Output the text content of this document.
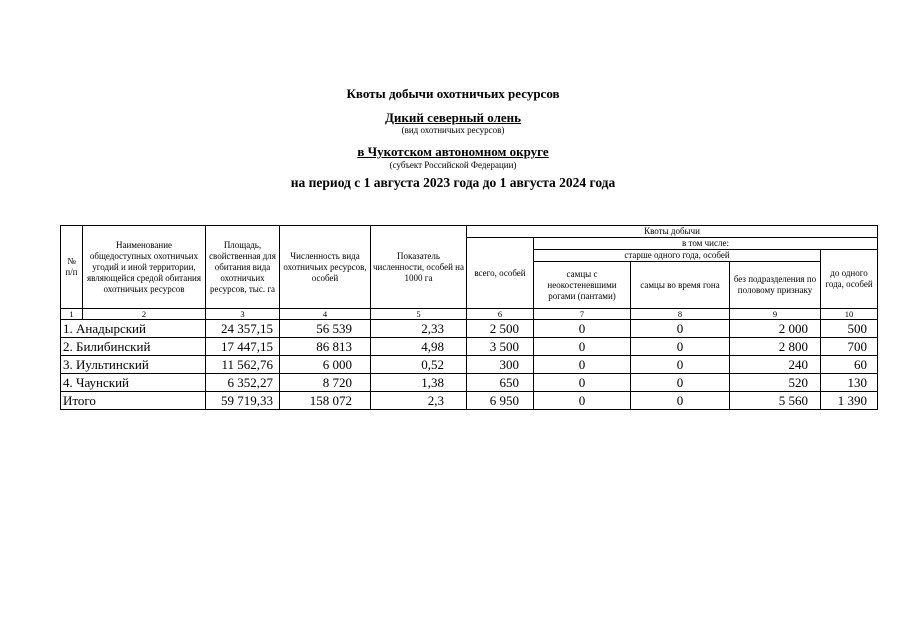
Квоты добычи охотничьих ресурсов
Дикий северный олень
(вид охотничьих ресурсов)
в Чукотском автономном округе
(субъект Российской Федерации)
на период с 1 августа 2023 года до 1 августа 2024 года
№ п/п	Наименование общедоступных охотничьих угодий и иной территории, являющейся средой обитания охотничьих ресурсов	Площадь, свойственная для обитания вида охотничьих ресурсов, тыс. га	Численность вида охотничьих ресурсов, особей	Показатель численности, особей на 1000 га	Квоты добычи				
					всего, особей	в том числе:			
						старше одного года, особей			до одного года, особей
						самцы с неокостеневшими рогами (пантами)	самцы во время гона	без подразделения по половому признаку	
1	2	3	4	5	6	7	8	9	10
1. Анадырский		24 357,15	56 539	2,33	2 500	0	0	2 000	500
2. Билибинский		17 447,15	86 813	4,98	3 500	0	0	2 800	700
3. Иультинский		11 562,76	6 000	0,52	300	0	0	240	60
4. Чаунский		6 352,27	8 720	1,38	650	0	0	520	130
Итого		59 719,33	158 072	2,3	6 950	0	0	5 560	1 390
